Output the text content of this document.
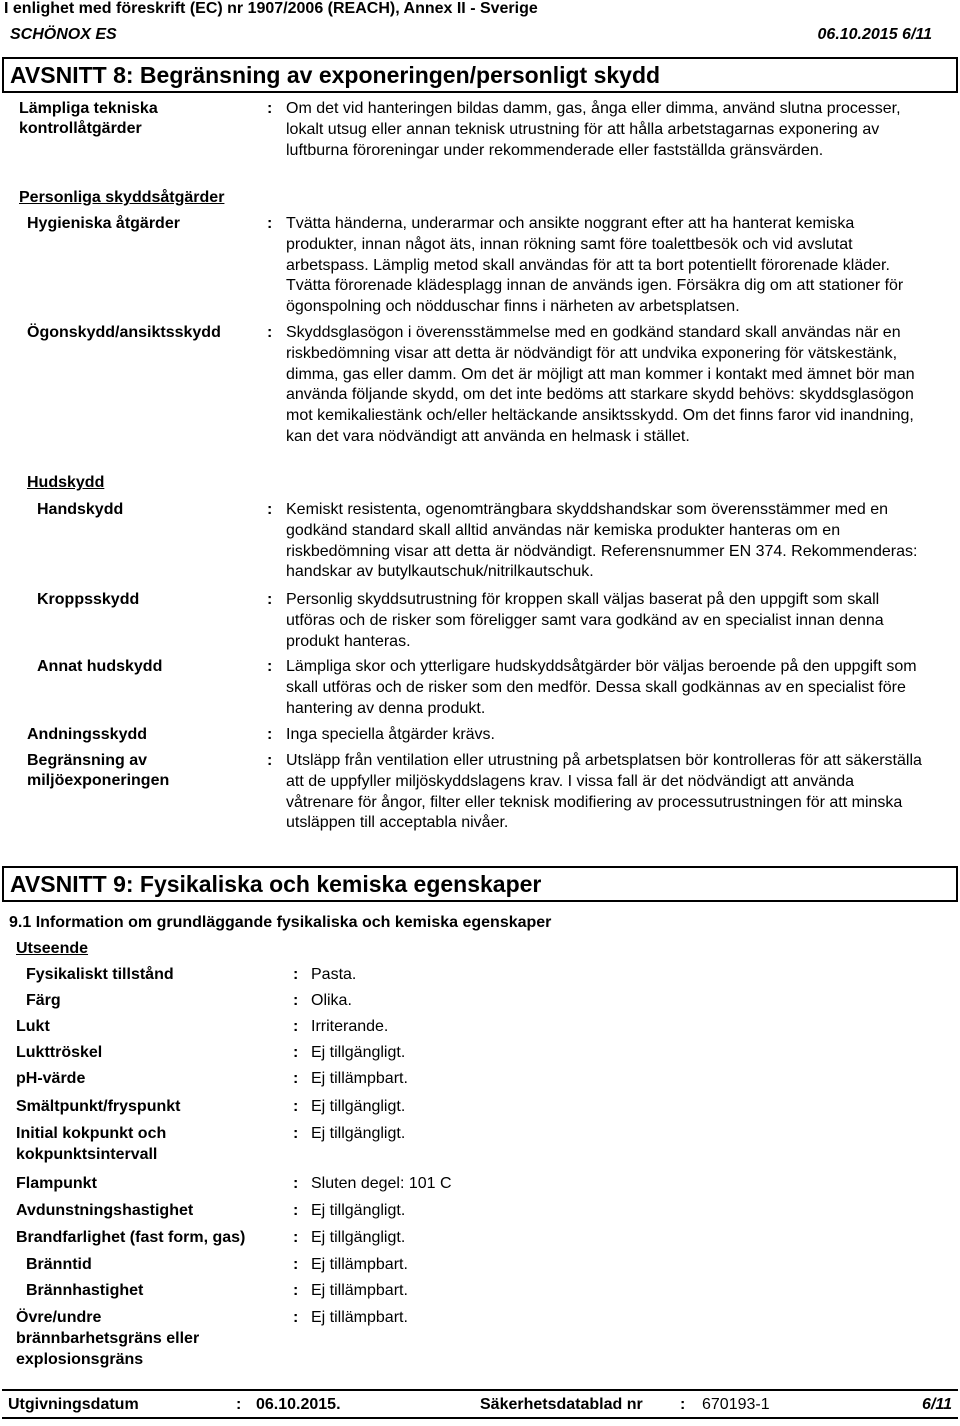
I enlighet med föreskrift (EC) nr 1907/2006 (REACH), Annex II - Sverige
SCHÖNOX ES	06.10.2015 6/11
AVSNITT 8: Begränsning av exponeringen/personligt skydd
Lämpliga tekniska kontrollåtgärder
: Om det vid hanteringen bildas damm, gas, ånga eller dimma, använd slutna processer, lokalt utsug eller annan teknisk utrustning för att hålla arbetstagarnas exponering av luftburna föroreningar under rekommenderade eller fastställda gränsvärden.
Personliga skyddsåtgärder
Hygieniska åtgärder	: Tvätta händerna, underarmar och ansikte noggrant efter att ha hanterat kemiska produkter, innan något äts, innan rökning samt före toalettbesök och vid avslutat arbetspass. Lämplig metod skall användas för att ta bort potentiellt förorenade kläder. Tvätta förorenade klädesplagg innan de används igen. Försäkra dig om att stationer för ögonspolning och nödduschar finns i närheten av arbetsplatsen.
Ögonskydd/ansiktsskydd	: Skyddsglasögon i överensstämmelse med en godkänd standard skall användas när en riskbedömning visar att detta är nödvändigt för att undvika exponering för vätskestänk, dimma, gas eller damm. Om det är möjligt att man kommer i kontakt med ämnet bör man använda följande skydd, om det inte bedöms att starkare skydd behövs: skyddsglasögon mot kemikaliestänk och/eller heltäckande ansiktsskydd. Om det finns faror vid inandning, kan det vara nödvändigt att använda en helmask i stället.
Hudskydd
Handskydd	: Kemiskt resistenta, ogenomträngbara skyddshandskar som överensstämmer med en godkänd standard skall alltid användas när kemiska produkter hanteras om en riskbedömning visar att detta är nödvändigt. Referensnummer EN 374. Rekommenderas: handskar av butylkautschuk/nitrilkautschuk.
Kroppsskydd	: Personlig skyddsutrustning för kroppen skall väljas baserat på den uppgift som skall utföras och de risker som föreligger samt vara godkänd av en specialist innan denna produkt hanteras.
Annat hudskydd	: Lämpliga skor och ytterligare hudskyddsåtgärder bör väljas beroende på den uppgift som skall utföras och de risker som den medför. Dessa skall godkännas av en specialist före hantering av denna produkt.
Andningsskydd	: Inga speciella åtgärder krävs.
Begränsning av miljöexponeringen
: Utsläpp från ventilation eller utrustning på arbetsplatsen bör kontrolleras för att säkerställa att de uppfyller miljöskyddslagens krav. I vissa fall är det nödvändigt att använda våtrenare för ångor, filter eller teknisk modifiering av processutrustningen för att minska utsläppen till acceptabla nivåer.
AVSNITT 9: Fysikaliska och kemiska egenskaper
9.1 Information om grundläggande fysikaliska och kemiska egenskaper
Utseende
Fysikaliskt tillstånd	: Pasta.
Färg	: Olika.
Lukt	: Irriterande.
Lukttröskel	: Ej tillgängligt.
pH-värde	: Ej tillämpbart.
Smältpunkt/fryspunkt	: Ej tillgängligt.
Initial kokpunkt och kokpunktsintervall
: Ej tillgängligt.
Flampunkt	: Sluten degel: 101 C
Avdunstningshastighet	: Ej tillgängligt.
Brandfarlighet (fast form, gas)	: Ej tillgängligt.
Bränntid	: Ej tillämpbart.
Brännhastighet	: Ej tillämpbart.
Övre/undre brännbarhetsgräns eller explosionsgräns
: Ej tillämpbart.
Utgivningsdatum	: 06.10.2015.	Säkerhetsdatablad nr : 670193-1	6/11
